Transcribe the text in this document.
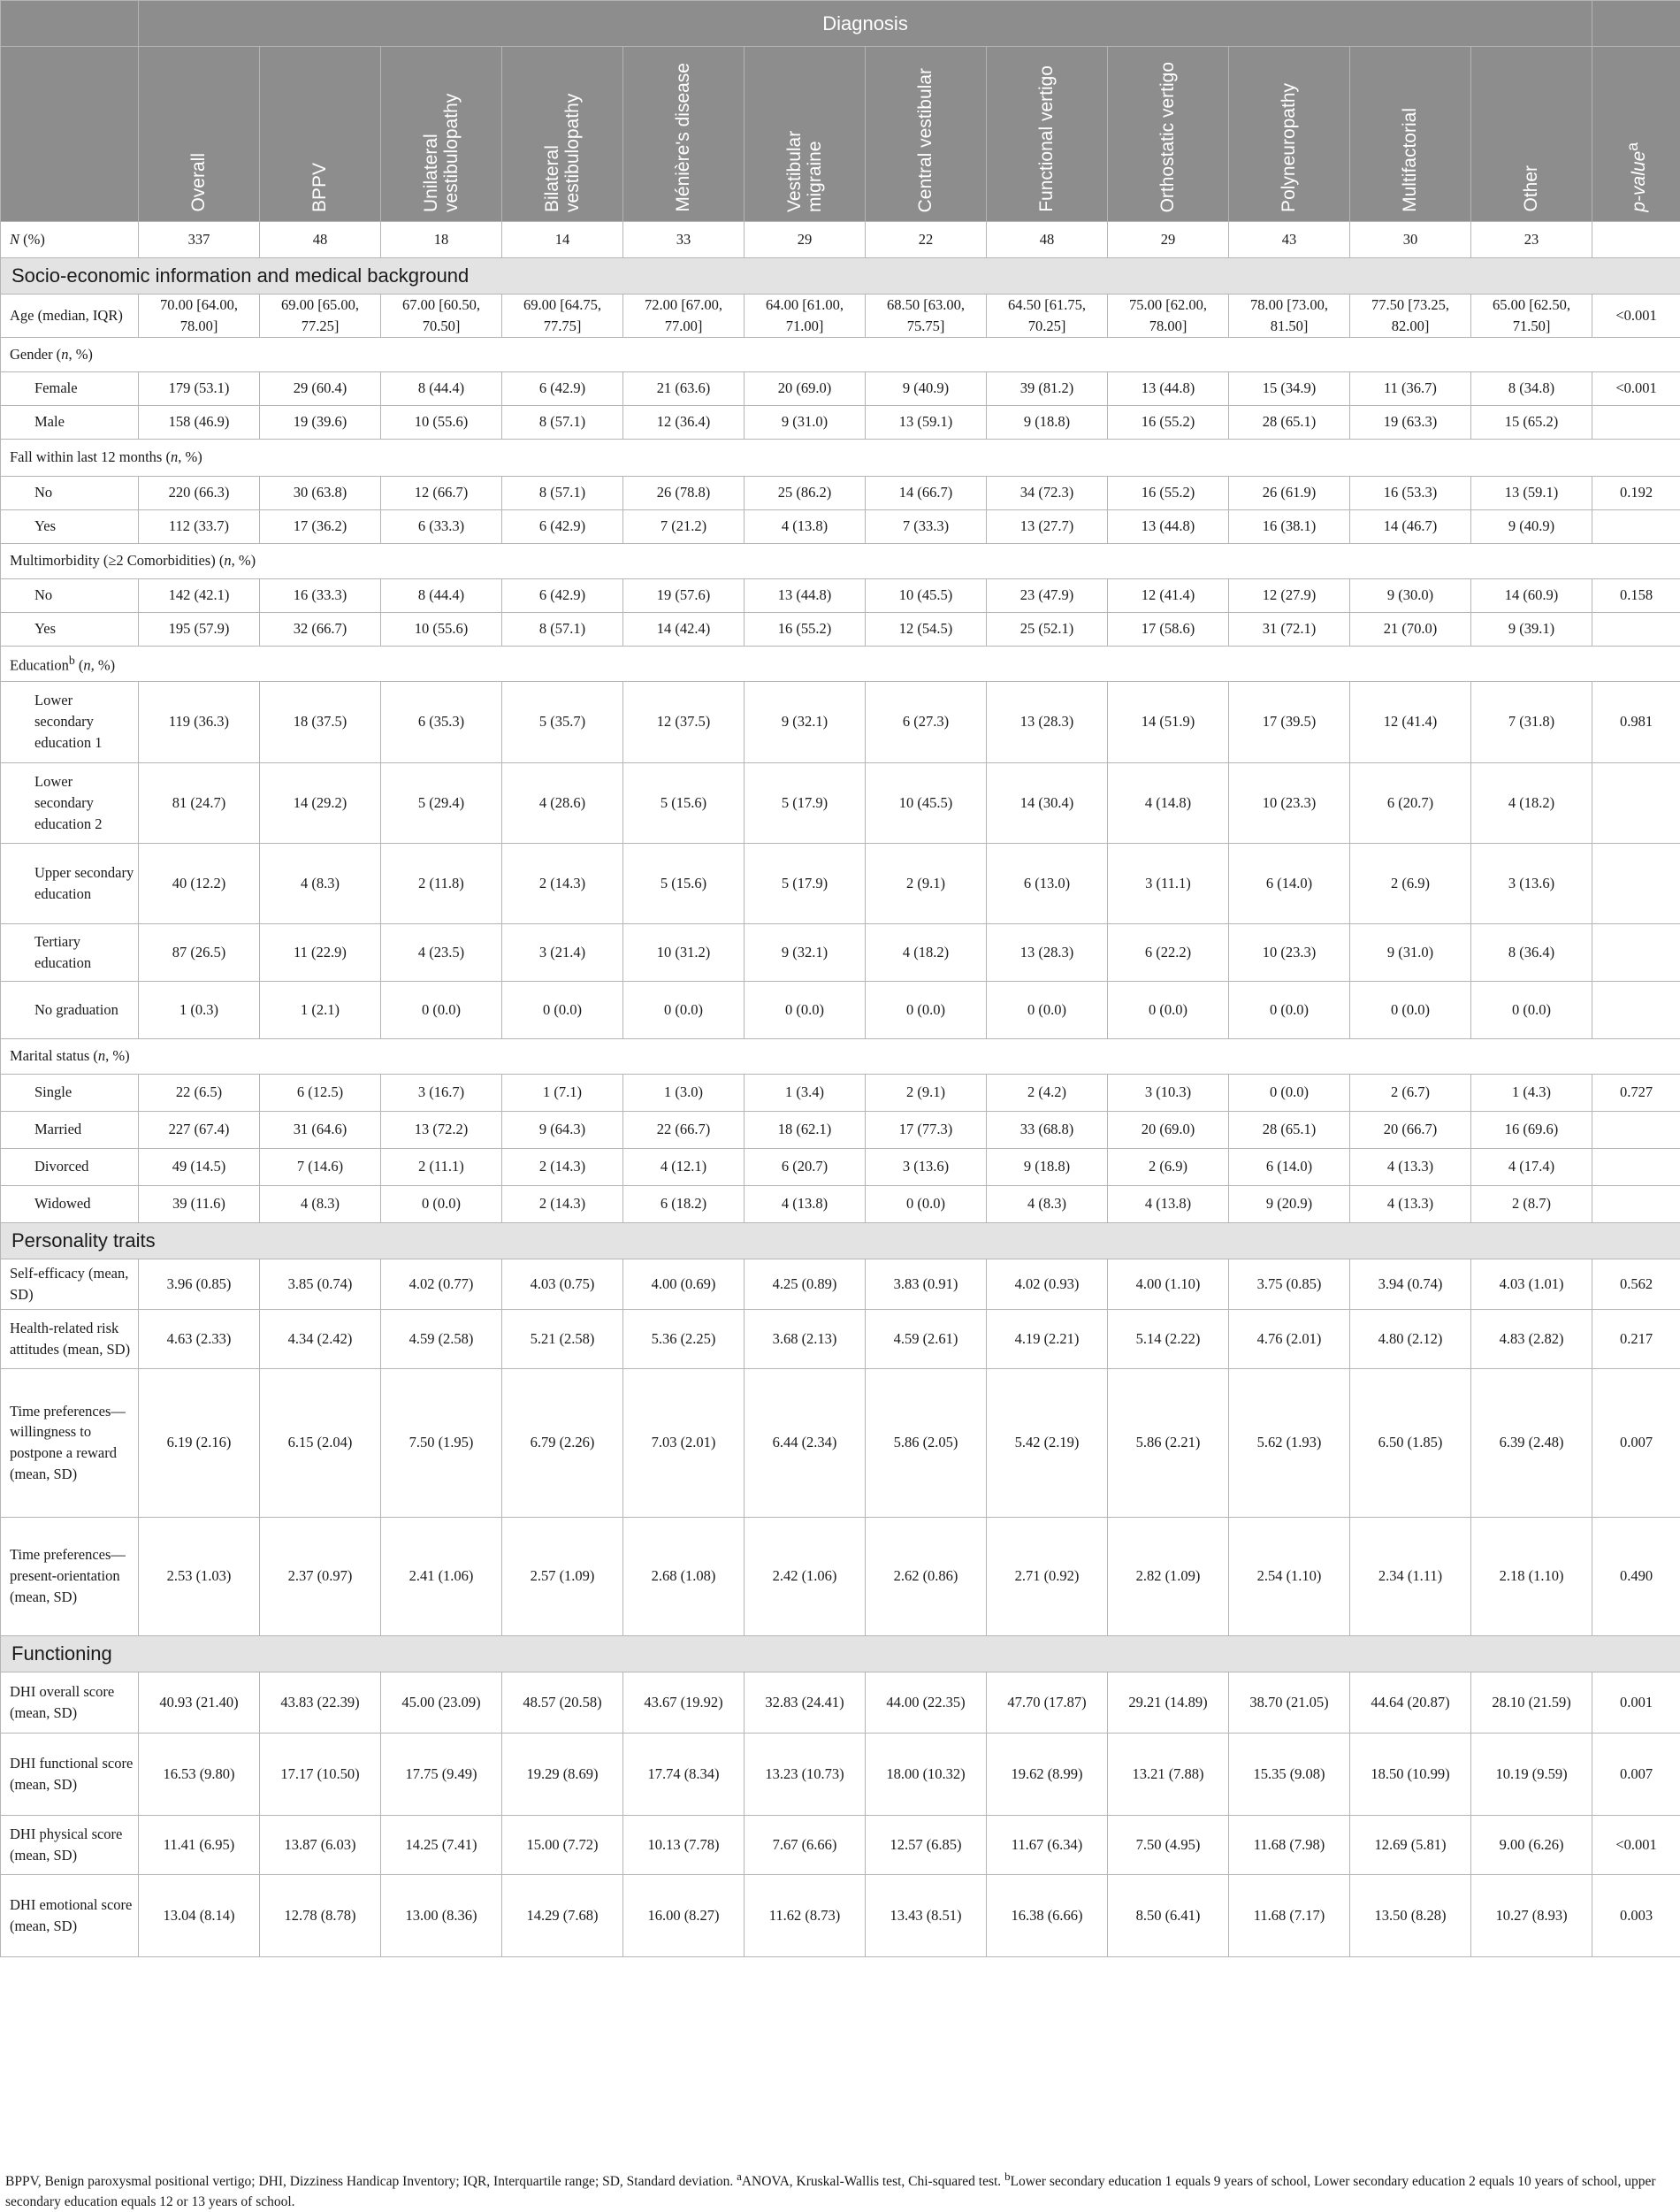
	Diagnosis												

	Overall	BPPV	Unilateral vestibulopathy	Bilateral vestibulopathy	Ménière's disease	Vestibular migraine	Central vestibular	Functional vertigo	Orthostatic vertigo	Polyneuropathy	Multifactorial	Other	p-value$^a$

N (%)	337	48	18	14	33	29	22	48	29	43	30	23	
Socio-economic information and medical background													
Age (median, IQR)	70.00 [64.00, 78.00]	69.00 [65.00, 77.25]	67.00 [60.50, 70.50]	69.00 [64.75, 77.75]	72.00 [67.00, 77.00]	64.00 [61.00, 71.00]	68.50 [63.00, 75.75]	64.50 [61.75, 70.25]	75.00 [62.00, 78.00]	78.00 [73.00, 81.50]	77.50 [73.25, 82.00]	65.00 [62.50, 71.50]	<0.001
Gender (n, %)													
Female	179 (53.1)	29 (60.4)	8 (44.4)	6 (42.9)	21 (63.6)	20 (69.0)	9 (40.9)	39 (81.2)	13 (44.8)	15 (34.9)	11 (36.7)	8 (34.8)	<0.001
Male	158 (46.9)	19 (39.6)	10 (55.6)	8 (57.1)	12 (36.4)	9 (31.0)	13 (59.1)	9 (18.8)	16 (55.2)	28 (65.1)	19 (63.3)	15 (65.2)	
Fall within last 12 months (n, %)													
No	220 (66.3)	30 (63.8)	12 (66.7)	8 (57.1)	26 (78.8)	25 (86.2)	14 (66.7)	34 (72.3)	16 (55.2)	26 (61.9)	16 (53.3)	13 (59.1)	0.192
Yes	112 (33.7)	17 (36.2)	6 (33.3)	6 (42.9)	7 (21.2)	4 (13.8)	7 (33.3)	13 (27.7)	13 (44.8)	16 (38.1)	14 (46.7)	9 (40.9)	
Multimorbidity (≥2 Comorbidities) (n, %)													
No	142 (42.1)	16 (33.3)	8 (44.4)	6 (42.9)	19 (57.6)	13 (44.8)	10 (45.5)	23 (47.9)	12 (41.4)	12 (27.9)	9 (30.0)	14 (60.9)	0.158
Yes	195 (57.9)	32 (66.7)	10 (55.6)	8 (57.1)	14 (42.4)	16 (55.2)	12 (54.5)	25 (52.1)	17 (58.6)	31 (72.1)	21 (70.0)	9 (39.1)	
Education$^b$ (n, %)													
Lower secondary education 1	119 (36.3)	18 (37.5)	6 (35.3)	5 (35.7)	12 (37.5)	9 (32.1)	6 (27.3)	13 (28.3)	14 (51.9)	17 (39.5)	12 (41.4)	7 (31.8)	0.981
Lower secondary education 2	81 (24.7)	14 (29.2)	5 (29.4)	4 (28.6)	5 (15.6)	5 (17.9)	10 (45.5)	14 (30.4)	4 (14.8)	10 (23.3)	6 (20.7)	4 (18.2)	
Upper secondary education	40 (12.2)	4 (8.3)	2 (11.8)	2 (14.3)	5 (15.6)	5 (17.9)	2 (9.1)	6 (13.0)	3 (11.1)	6 (14.0)	2 (6.9)	3 (13.6)	
Tertiary education	87 (26.5)	11 (22.9)	4 (23.5)	3 (21.4)	10 (31.2)	9 (32.1)	4 (18.2)	13 (28.3)	6 (22.2)	10 (23.3)	9 (31.0)	8 (36.4)	
No graduation	1 (0.3)	1 (2.1)	0 (0.0)	0 (0.0)	0 (0.0)	0 (0.0)	0 (0.0)	0 (0.0)	0 (0.0)	0 (0.0)	0 (0.0)	0 (0.0)	
Marital status (n, %)													
Single	22 (6.5)	6 (12.5)	3 (16.7)	1 (7.1)	1 (3.0)	1 (3.4)	2 (9.1)	2 (4.2)	3 (10.3)	0 (0.0)	2 (6.7)	1 (4.3)	0.727
Married	227 (67.4)	31 (64.6)	13 (72.2)	9 (64.3)	22 (66.7)	18 (62.1)	17 (77.3)	33 (68.8)	20 (69.0)	28 (65.1)	20 (66.7)	16 (69.6)	
Divorced	49 (14.5)	7 (14.6)	2 (11.1)	2 (14.3)	4 (12.1)	6 (20.7)	3 (13.6)	9 (18.8)	2 (6.9)	6 (14.0)	4 (13.3)	4 (17.4)	
Widowed	39 (11.6)	4 (8.3)	0 (0.0)	2 (14.3)	6 (18.2)	4 (13.8)	0 (0.0)	4 (8.3)	4 (13.8)	9 (20.9)	4 (13.3)	2 (8.7)	
Personality traits													
Self-efficacy (mean, SD)	3.96 (0.85)	3.85 (0.74)	4.02 (0.77)	4.03 (0.75)	4.00 (0.69)	4.25 (0.89)	3.83 (0.91)	4.02 (0.93)	4.00 (1.10)	3.75 (0.85)	3.94 (0.74)	4.03 (1.01)	0.562
Health-related risk attitudes (mean, SD)	4.63 (2.33)	4.34 (2.42)	4.59 (2.58)	5.21 (2.58)	5.36 (2.25)	3.68 (2.13)	4.59 (2.61)	4.19 (2.21)	5.14 (2.22)	4.76 (2.01)	4.80 (2.12)	4.83 (2.82)	0.217
Time preferences—willingness to postpone a reward (mean, SD)	6.19 (2.16)	6.15 (2.04)	7.50 (1.95)	6.79 (2.26)	7.03 (2.01)	6.44 (2.34)	5.86 (2.05)	5.42 (2.19)	5.86 (2.21)	5.62 (1.93)	6.50 (1.85)	6.39 (2.48)	0.007
Time preferences—present-orientation (mean, SD)	2.53 (1.03)	2.37 (0.97)	2.41 (1.06)	2.57 (1.09)	2.68 (1.08)	2.42 (1.06)	2.62 (0.86)	2.71 (0.92)	2.82 (1.09)	2.54 (1.10)	2.34 (1.11)	2.18 (1.10)	0.490
Functioning													
DHI overall score (mean, SD)	40.93 (21.40)	43.83 (22.39)	45.00 (23.09)	48.57 (20.58)	43.67 (19.92)	32.83 (24.41)	44.00 (22.35)	47.70 (17.87)	29.21 (14.89)	38.70 (21.05)	44.64 (20.87)	28.10 (21.59)	0.001
DHI functional score (mean, SD)	16.53 (9.80)	17.17 (10.50)	17.75 (9.49)	19.29 (8.69)	17.74 (8.34)	13.23 (10.73)	18.00 (10.32)	19.62 (8.99)	13.21 (7.88)	15.35 (9.08)	18.50 (10.99)	10.19 (9.59)	0.007
DHI physical score (mean, SD)	11.41 (6.95)	13.87 (6.03)	14.25 (7.41)	15.00 (7.72)	10.13 (7.78)	7.67 (6.66)	12.57 (6.85)	11.67 (6.34)	7.50 (4.95)	11.68 (7.98)	12.69 (5.81)	9.00 (6.26)	<0.001
DHI emotional score (mean, SD)	13.04 (8.14)	12.78 (8.78)	13.00 (8.36)	14.29 (7.68)	16.00 (8.27)	11.62 (8.73)	13.43 (8.51)	16.38 (6.66)	8.50 (6.41)	11.68 (7.17)	13.50 (8.28)	10.27 (8.93)	0.003
BPPV, Benign paroxysmal positional vertigo; DHI, Dizziness Handicap Inventory; IQR, Interquartile range; SD, Standard deviation. $^a$ANOVA, Kruskal-Wallis test, Chi-squared test. $^b$Lower secondary education 1 equals 9 years of school, Lower secondary education 2 equals 10 years of school, upper secondary education equals 12 or 13 years of school.
